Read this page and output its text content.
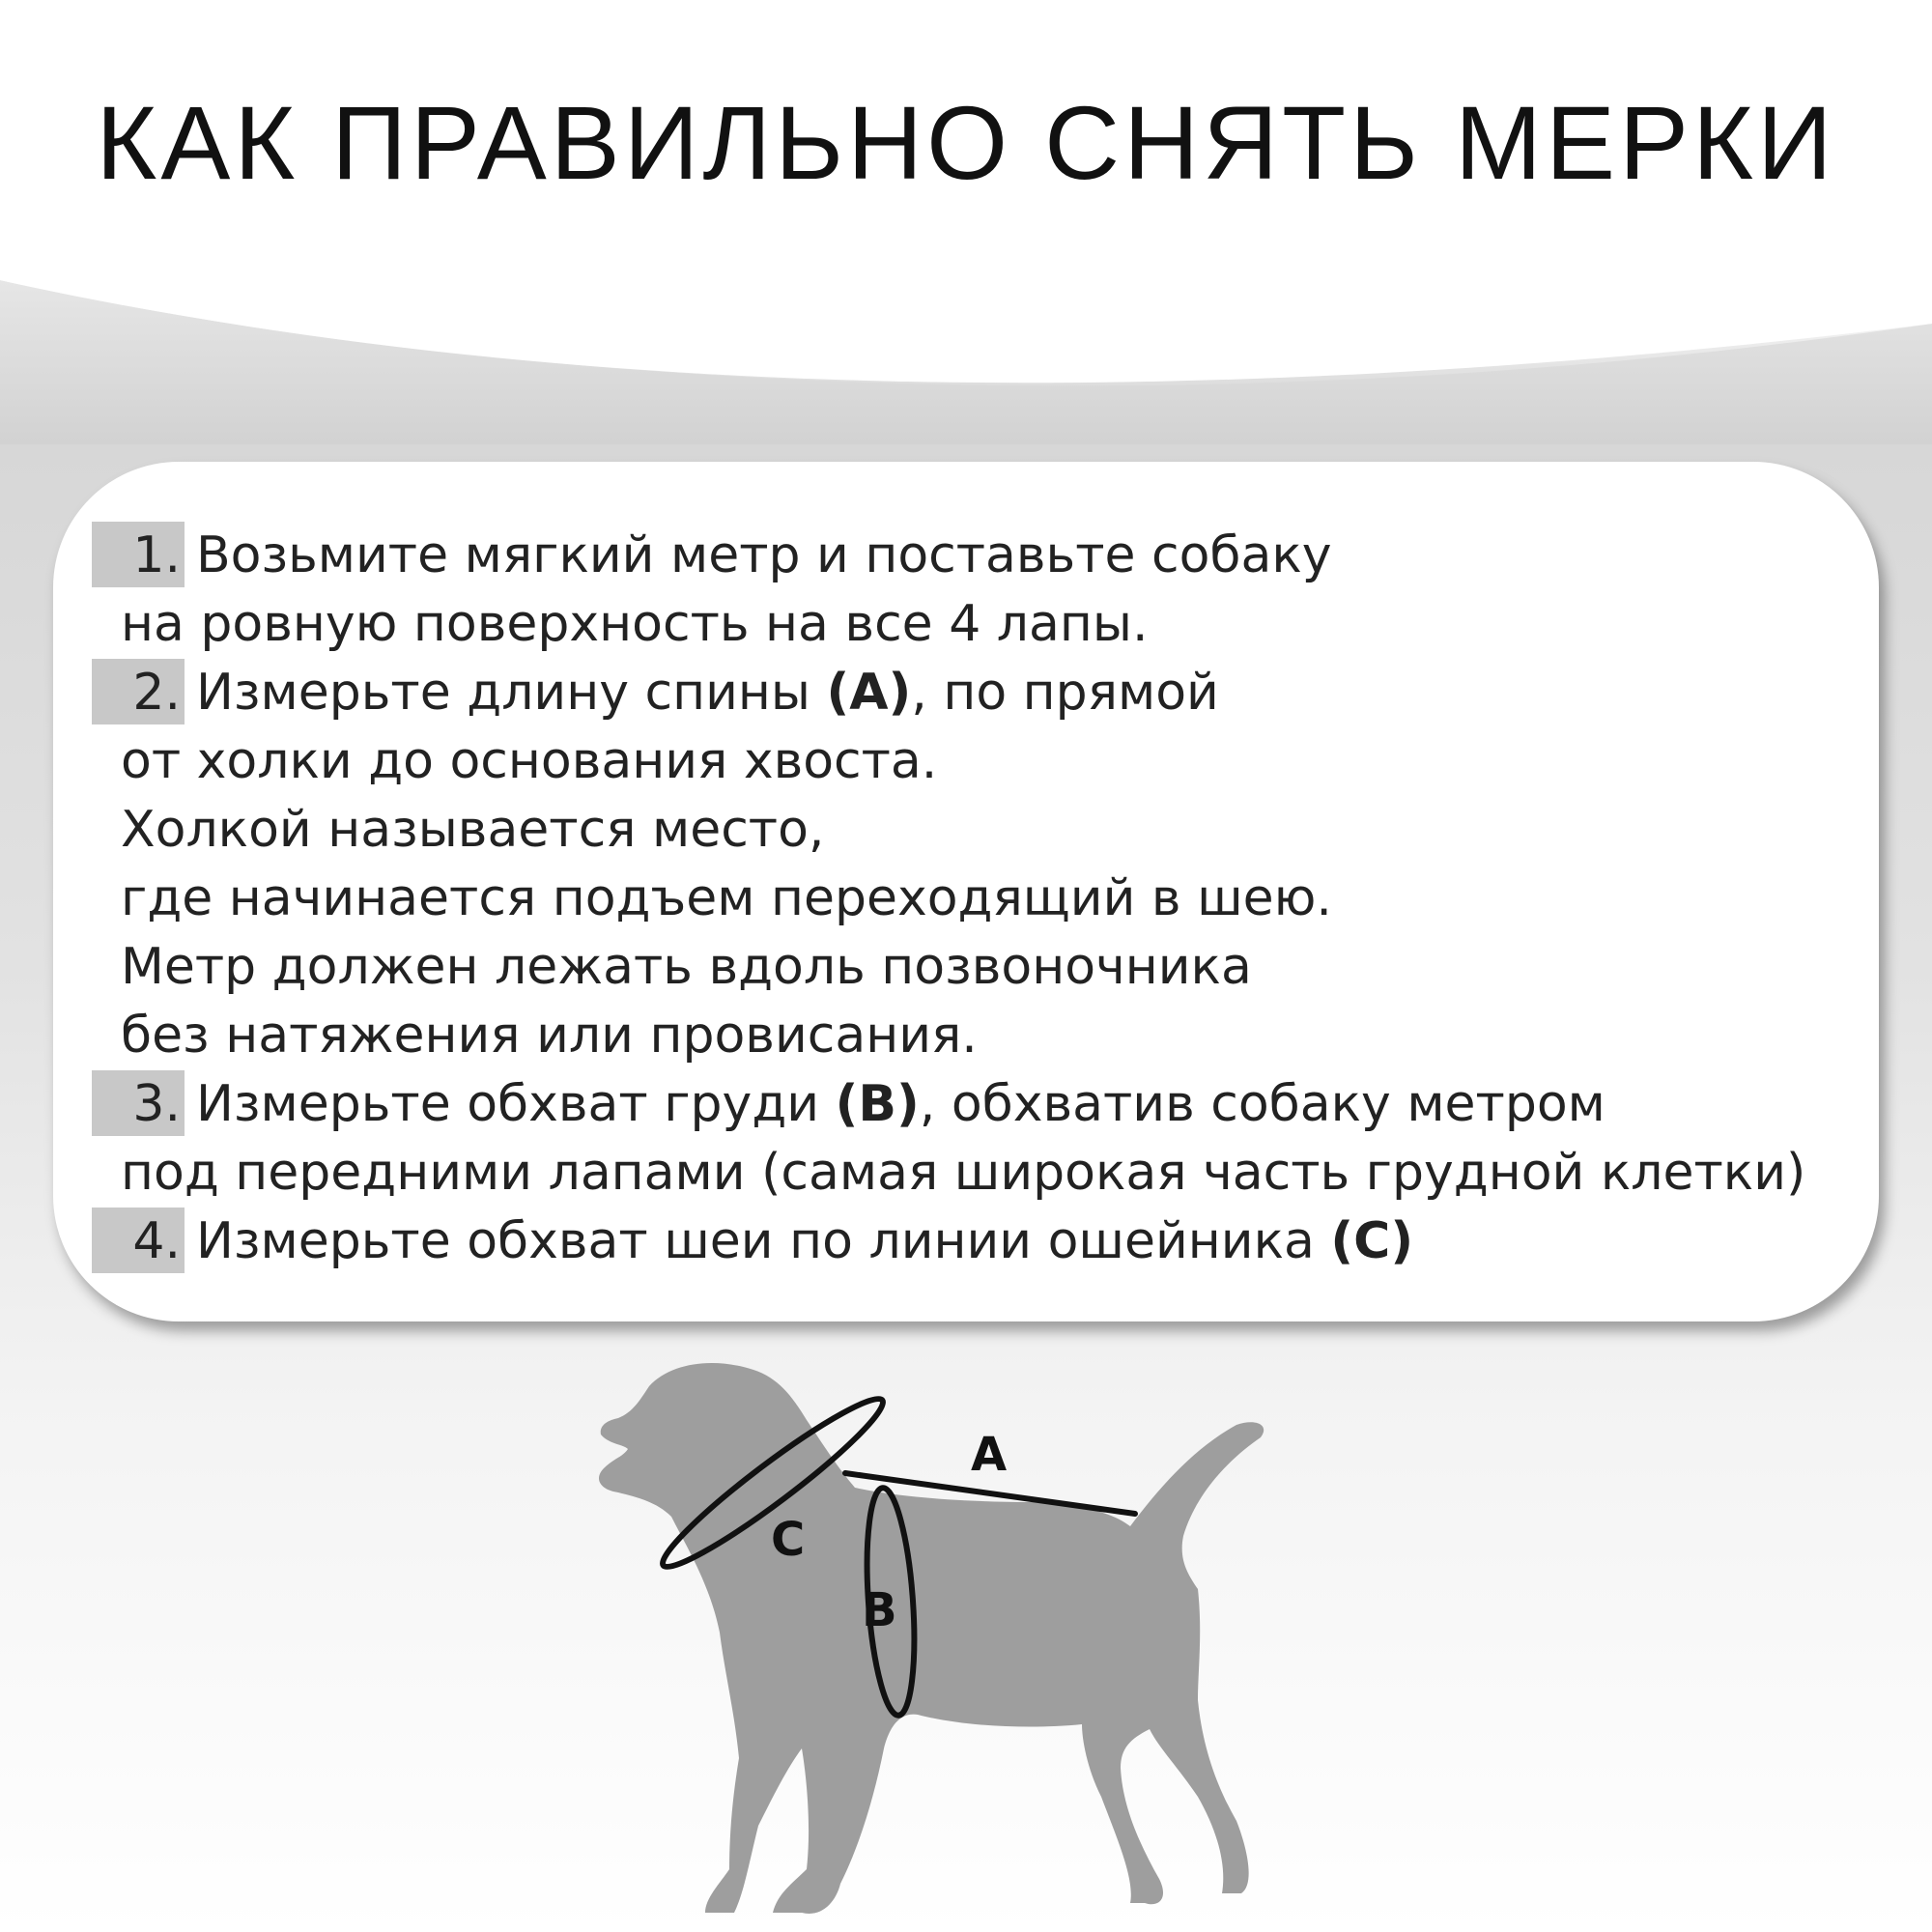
КАК ПРАВИЛЬНО СНЯТЬ МЕРКИ
1. Возьмите мягкий метр и поставьте собаку
на ровную поверхность на все 4 лапы.
2. Измерьте длину спины (А), по прямой
от холки до основания хвоста.
Холкой называется место,
где начинается подъем переходящий в шею.
Метр должен лежать вдоль позвоночника
без натяжения или провисания.
3. Измерьте обхват груди (В), обхватив собаку метром
под передними лапами (самая широкая часть грудной клетки)
4. Измерьте обхват шеи по линии ошейника (С)
A
C
B
